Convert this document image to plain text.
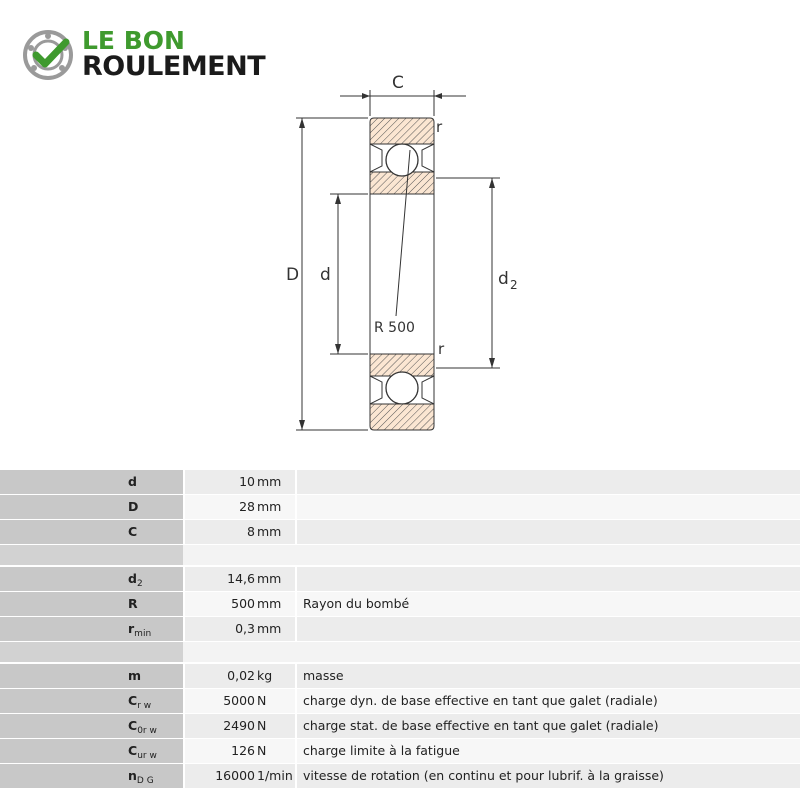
LE BON
ROULEMENT
C
r
r
D d	d 2
R 500
d	10 mm
D	28 mm
C	8 mm
$d_2$	14,6 mm
R	500 mm Rayon du bombé
$r_{min}$	0,3 mm
m	0,02 kg masse
$C_{r w}$	5000 N	charge dyn. de base effective en tant que galet (radiale)
$C_{0r w}$	2490 N	charge stat. de base effective en tant que galet (radiale)
$C_{ur w}$	126 N	charge limite à la fatigue
$n_{D G}$	16000 1/min vitesse de rotation (en continu et pour lubrif. à la graisse)
